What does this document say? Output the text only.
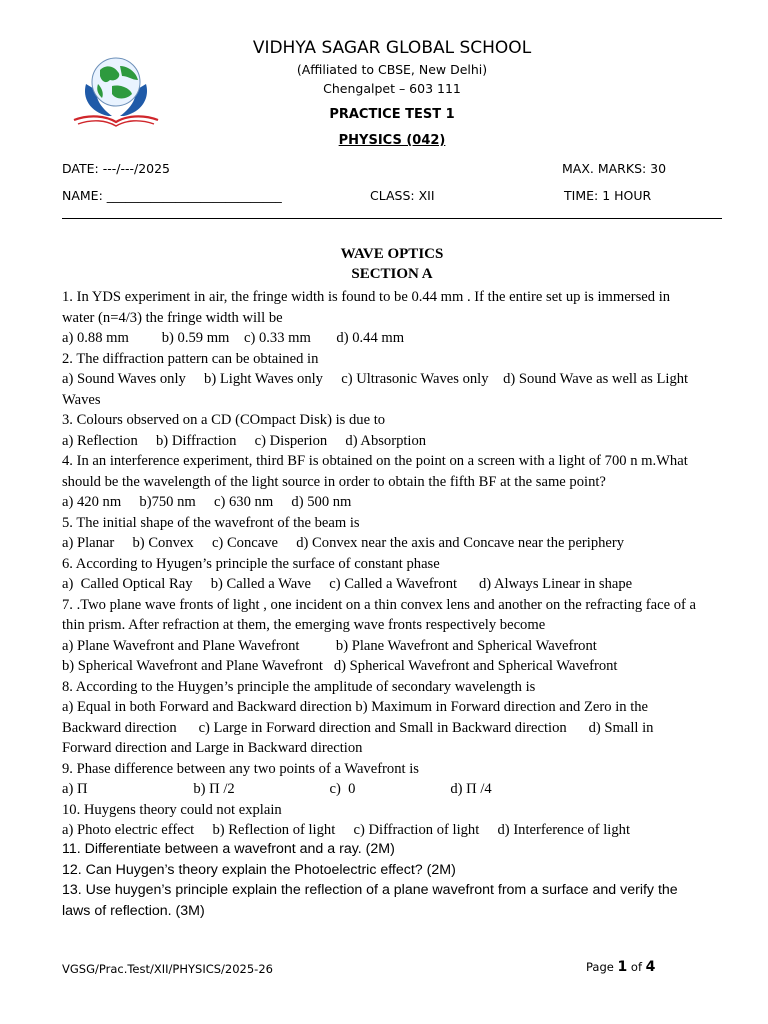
VIDHYA SAGAR GLOBAL SCHOOL
(Affiliated to CBSE, New Delhi)
Chengalpet – 603 111
PRACTICE TEST 1
PHYSICS (042)
DATE: ---/---/2025	MAX. MARKS: 30
NAME: ____________________________	CLASS: XII	TIME: 1 HOUR
WAVE OPTICS
SECTION A
1. In YDS experiment in air, the fringe width is found to be 0.44 mm . If the entire set up is immersed in
water (n=4/3) the fringe width will be
a) 0.88 mm         b) 0.59 mm    c) 0.33 mm       d) 0.44 mm
2. The diffraction pattern can be obtained in
a) Sound Waves only     b) Light Waves only     c) Ultrasonic Waves only    d) Sound Wave as well as Light
Waves
3. Colours observed on a CD (COmpact Disk) is due to
a) Reflection     b) Diffraction     c) Disperion     d) Absorption
4. In an interference experiment, third BF is obtained on the point on a screen with a light of 700 n m.What
should be the wavelength of the light source in order to obtain the fifth BF at the same point?
a) 420 nm     b)750 nm     c) 630 nm     d) 500 nm
5. The initial shape of the wavefront of the beam is
a) Planar     b) Convex     c) Concave     d) Convex near the axis and Concave near the periphery
6. According to Hyugen’s principle the surface of constant phase
a)  Called Optical Ray     b) Called a Wave     c) Called a Wavefront      d) Always Linear in shape
7. .Two plane wave fronts of light , one incident on a thin convex lens and another on the refracting face of a
thin prism. After refraction at them, the emerging wave fronts respectively become
a) Plane Wavefront and Plane Wavefront          b) Plane Wavefront and Spherical Wavefront
b) Spherical Wavefront and Plane Wavefront   d) Spherical Wavefront and Spherical Wavefront
8. According to the Huygen’s principle the amplitude of secondary wavelength is
a) Equal in both Forward and Backward direction b) Maximum in Forward direction and Zero in the
Backward direction      c) Large in Forward direction and Small in Backward direction      d) Small in
Forward direction and Large in Backward direction
9. Phase difference between any two points of a Wavefront is
a) Π                             b) Π /2                          c)  0                          d) Π /4
10. Huygens theory could not explain
a) Photo electric effect     b) Reflection of light     c) Diffraction of light     d) Interference of light
11. Differentiate between a wavefront and a ray. (2M)
12. Can Huygen’s theory explain the Photoelectric effect? (2M)
13. Use huygen’s principle explain the reflection of a plane wavefront from a surface and verify the
laws of reflection. (3M)
VGSG/Prac.Test/XII/PHYSICS/2025-26	Page 1 of 4
